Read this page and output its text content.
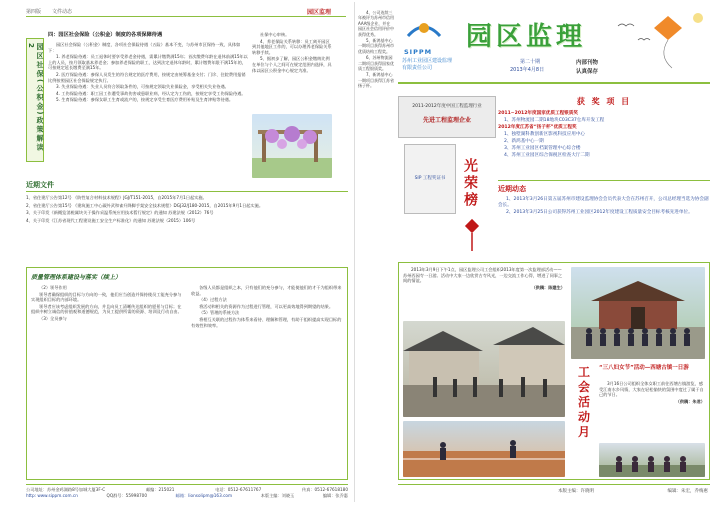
第四版 文件动态	园区监理
园区社保(公积金)政策解读2
四：园区社会保险（公积金）制度的各项保障待遇

园区社会保险（公积金）制度，各项社会保险待遇（五险）基本不变，与苏州市区保持一致，具体如下：

1. 养老保险待遇：员工退休时要享受养老金待遇，需累计缴费满15年；首次缴费年龄在退休前满15年以上的人员，按月领取基本养老金；参加养老保险的职工，达到法定退休年龄时，累计缴费年限不满15年的，可按规定延长缴费至满15年。

2. 医疗保险待遇：参保人员发生的符合规定的医疗费用，按规定由统筹基金支付；门诊、住院费用报销比例按照园区社会保险规定执行。

3. 失业保险待遇：失业人员符合领取条件的，可按规定领取失业保险金，享受相关失业待遇。

4. 工伤保险待遇：职工因工作遭受事故伤害或患职业病，经认定为工伤的，按规定享受工伤保险待遇。

5. 生育保险待遇：参保女职工生育或流产的，按规定享受生育医疗费用补贴及生育津贴等待遇。

社保中心审核。

4、养老保险关系转移：员工离开园区到其他地区工作的，可以办理养老保险关系转移手续。

5、据初步了解，园区公积金缴纳比例在单位与个人之间可在规定范围内选择，具体以园区公积金中心规定为准。

近期文件
1、省住建厅公告第12号 《防性复合材料技术规程》JGJ/T151-2015，自2015年7月1日起实施。
2、省住建厅公告第15号 《建筑施工中心碳外武和雀升降脚手架安全技术规程》DGJ32/J180-2015，自2015年9月1日起实施。
3、关于印发《新概览消税属块关于操作采温系统应用技术暂行规定》的通知 苏建法规（2012）76号
4、关于印发《江苏省现代工程建设施工安全生产标准化》的通知 苏建法规（2015）106号
质量管理体系建设与落实（续上）

（2）领导作用

领导者确保组织的目标与方向的一致，他们应当创造并保持使员工能充分参与实现组织目标的内部环境。

领导者应该考虑组织发展的方向，并且向员工清晰传达组织的愿景与目标；在组织中树立诚信的价值观和道德规范，为员工提供所需的资源、培训及行动自由。

（3）全员参与

各级人员都是组织之本，只有他们的充分参与，才能使他们的才干为组织带来收益。

（4）过程方法

将活动和相关的资源作为过程进行管理，可以更高效地得到期望的结果。

（5）管理的系统方法

将相互关联的过程作为体系来看待、理解和管理，有助于组织提高实现目标的有效性和效率。

公司地址：苏州金鸡湖路8号加城大厦3F-C	邮编：215021	电话：0512-67611767	传真：0512-67618180
http: www.sippm.com.cn	QQ群号：55998700	邮箱：lionsolipm@163.com	本版主编：刘晓玉	编辑：张乔惠

4、公司连续三年被评为苏州市信用AAA级企业，并在园区社会信用评价中获得优秀。

5、新鸿基中心一期项目获得苏州市优质结构工程奖。

6、苏州物流园二期项目获得国家优质工程银质奖。

7、新鸿基中心一期项目获得江苏省扬子杯。

SIPPM
苏州工业园区建设监理有限责任公司
园区监理
第二十期
2013年4月8日
内部刊物
认真保存
2011-2012年度中国工程监理行业
先进工程监理企业
SIP 工程奖证书	光荣榜
获 奖 项 目
2011~2012年度国家优质工程银质奖
1、苏州物流园二期18地块C03C37仓库开发工程
2012年度江苏省“扬子杯”优质工程奖
1、独墅湖科教创新区影视科技应用中心
2、新鸿基中心一期
3、苏州工业园区档案管理中心综合楼
4、苏州工业园区综合保税区检查大厅二期
近期动态

1、2013年3月26日第五届苏州市建设监理协会会员代表大会在苏州召开，公司总经理当选为协会副会长。

2、2013年3月25日公司获得苏州工业园区2012年度建设工程质量安全目标考核先进单位。

2013年3月9日下午1点，园区监理公司工会组织2013年度第一次监理部活动——苏州西园寺一日游。活动中大家一边欣赏古寺风光，一边交流工作心得，增进了同事之间的情谊。

（供稿：陈建生）
工
会
活
动
月
“三八妇女节”活动—西塘古镇一日游

3月16日公司组织全体女职工前往西塘古镇游览，感受江南水乡风情，大家在轻松愉快的氛围中度过了属于自己的节日。

（供稿：朱君）
本版主编：许晓明	编辑：朱宏，乔梅惠
